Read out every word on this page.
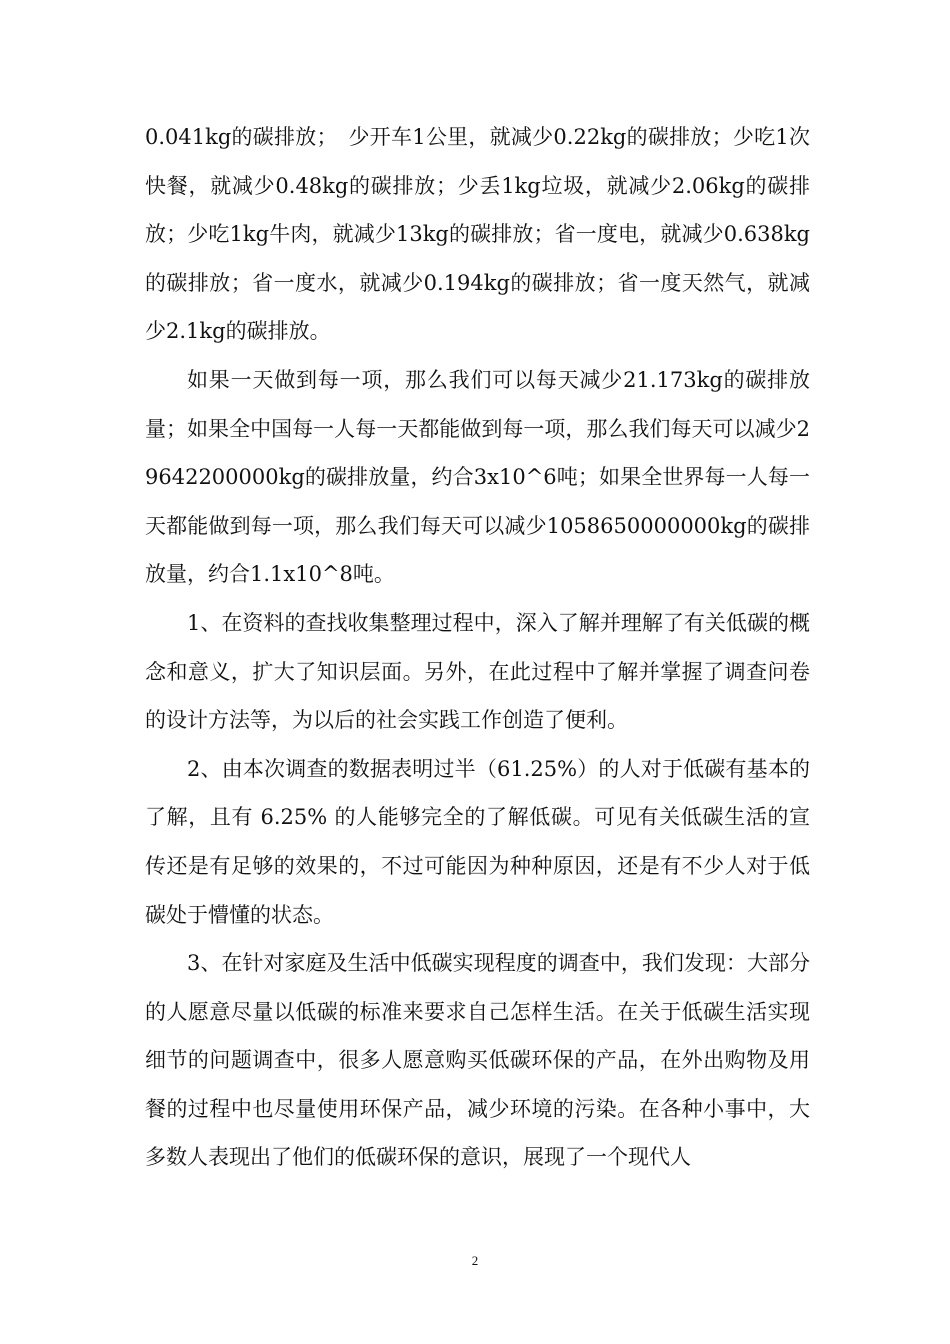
0.041kg的碳排放；　少开车1公里，就减少0.22kg的碳排放；少吃1次快餐，就减少0.48kg的碳排放；少丢1kg垃圾，就减少2.06kg的碳排放；少吃1kg牛肉，就减少13kg的碳排放；省一度电，就减少0.638kg的碳排放；省一度水，就减少0.194kg的碳排放；省一度天然气，就减少2.1kg的碳排放。

如果一天做到每一项，那么我们可以每天减少21.173kg的碳排放量；如果全中国每一人每一天都能做到每一项，那么我们每天可以减少29642200000kg的碳排放量，约合3x10^6吨；如果全世界每一人每一天都能做到每一项，那么我们每天可以减少1058650000000kg的碳排放量，约合1.1x10^8吨。

1、在资料的查找收集整理过程中，深入了解并理解了有关低碳的概念和意义，扩大了知识层面。另外，在此过程中了解并掌握了调查问卷的设计方法等，为以后的社会实践工作创造了便利。

2、由本次调查的数据表明过半（61.25%）的人对于低碳有基本的了解，且有 6.25% 的人能够完全的了解低碳。可见有关低碳生活的宣传还是有足够的效果的，不过可能因为种种原因，还是有不少人对于低碳处于懵懂的状态。

3、在针对家庭及生活中低碳实现程度的调查中，我们发现：大部分的人愿意尽量以低碳的标准来要求自己怎样生活。在关于低碳生活实现细节的问题调查中，很多人愿意购买低碳环保的产品，在外出购物及用餐的过程中也尽量使用环保产品，减少环境的污染。在各种小事中，大多数人表现出了他们的低碳环保的意识，展现了一个现代人

2
